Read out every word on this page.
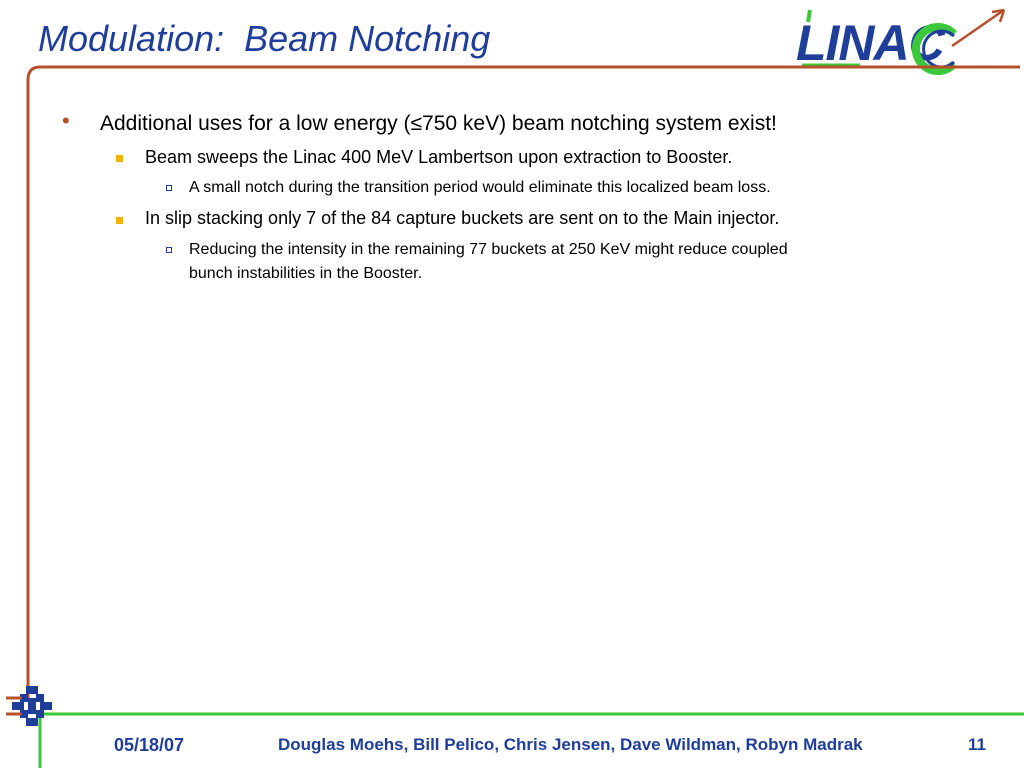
Modulation:  Beam Notching	LINAC
• Additional uses for a low energy (≤750 keV) beam notching system exist!
Beam sweeps the Linac 400 MeV Lambertson upon extraction to Booster.
A small notch during the transition period would eliminate this localized beam loss.
In slip stacking only 7 of the 84 capture buckets are sent on to the Main injector.
Reducing the intensity in the remaining 77 buckets at 250 KeV might reduce coupled
bunch instabilities in the Booster.
05/18/07	Douglas Moehs, Bill Pelico, Chris Jensen, Dave Wildman, Robyn Madrak	11
